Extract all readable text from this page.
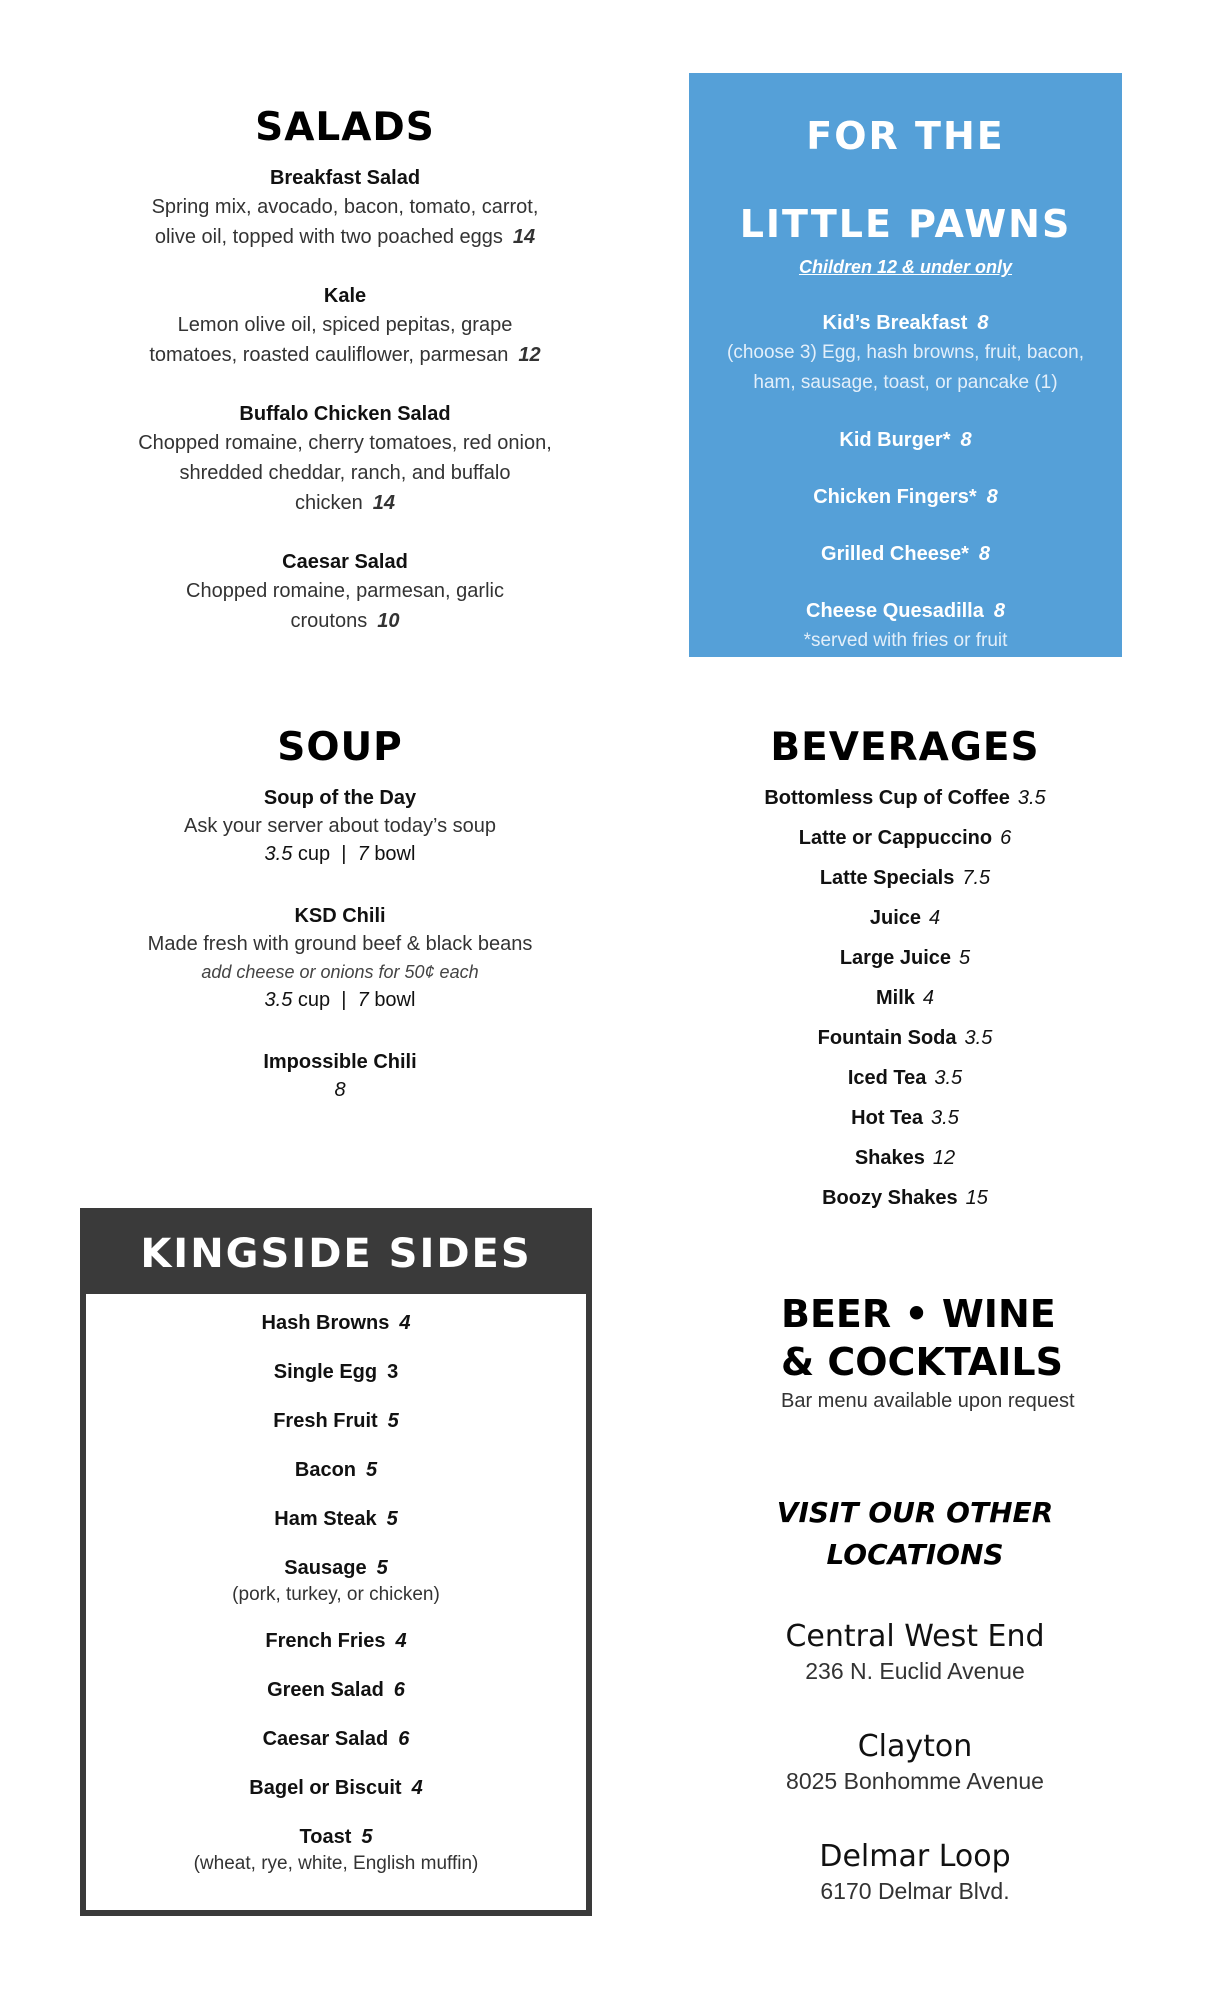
SALADS
Breakfast Salad
Spring mix, avocado, bacon, tomato, carrot,
olive oil, topped with two poached eggs 14
Kale
Lemon olive oil, spiced pepitas, grape
tomatoes, roasted cauliflower, parmesan 12
Buffalo Chicken Salad
Chopped romaine, cherry tomatoes, red onion,
shredded cheddar, ranch, and buffalo chicken 14
Caesar Salad
Chopped romaine, parmesan, garlic croutons 10
FOR THE
LITTLE PAWNS
Children 12 & under only
Kid’s Breakfast 8
(choose 3) Egg, hash browns, fruit, bacon,
ham, sausage, toast, or pancake (1)
Kid Burger* 8
Chicken Fingers* 8
Grilled Cheese* 8
Cheese Quesadilla 8
*served with fries or fruit
SOUP
Soup of the Day
Ask your server about today’s soup
3.5 cup | 7 bowl
KSD Chili
Made fresh with ground beef & black beans
add cheese or onions for 50¢ each
3.5 cup | 7 bowl
Impossible Chili
8
BEVERAGES
Bottomless Cup of Coffee 3.5
Latte or Cappuccino 6
Latte Specials 7.5
Juice 4
Large Juice 5
Milk 4
Fountain Soda 3.5
Iced Tea 3.5
Hot Tea 3.5
Shakes 12
Boozy Shakes 15
KINGSIDE SIDES
Hash Browns 4
Single Egg 3
Fresh Fruit 5
Bacon 5
Ham Steak 5
Sausage 5
(pork, turkey, or chicken)
French Fries 4
Green Salad 6
Caesar Salad 6
Bagel or Biscuit 4
Toast 5
(wheat, rye, white, English muffin)
BEER • WINE
& COCKTAILS
Bar menu available upon request
VISIT OUR OTHER
LOCATIONS
Central West End
236 N. Euclid Avenue
Clayton
8025 Bonhomme Avenue
Delmar Loop
6170 Delmar Blvd.
